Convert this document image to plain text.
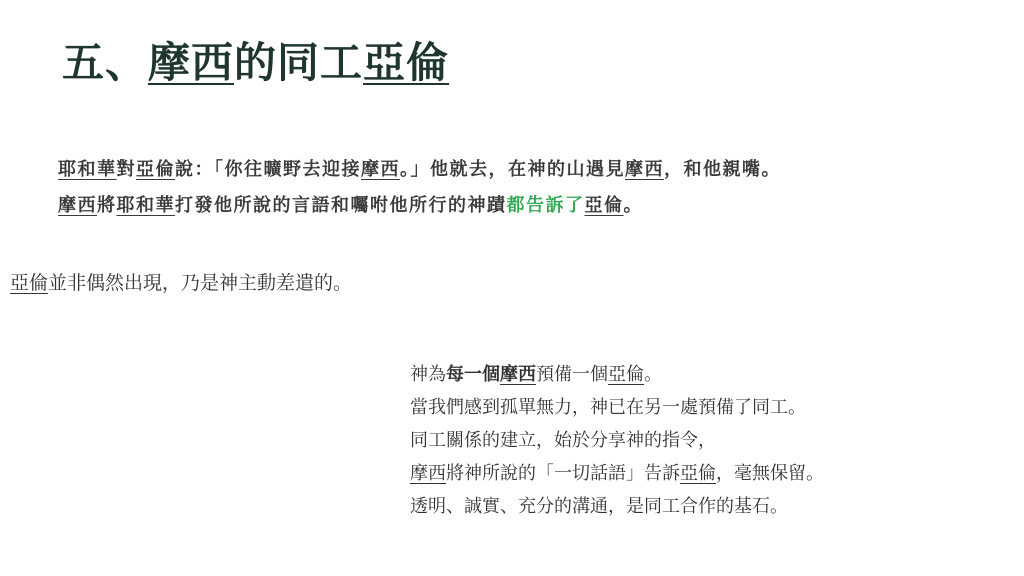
五、摩西的同工亞倫
耶和華對亞倫說：「你往曠野去迎接摩西。」他就去，在神的山遇見摩西，和他親嘴。
摩西將耶和華打發他所說的言語和囑咐他所行的神蹟都告訴了亞倫。
亞倫並非偶然出現，乃是神主動差遣的。
神為每一個摩西預備一個亞倫。
當我們感到孤單無力，神已在另一處預備了同工。
同工關係的建立，始於分享神的指令，
摩西將神所說的「一切話語」告訴亞倫，毫無保留。
透明、誠實、充分的溝通，是同工合作的基石。
